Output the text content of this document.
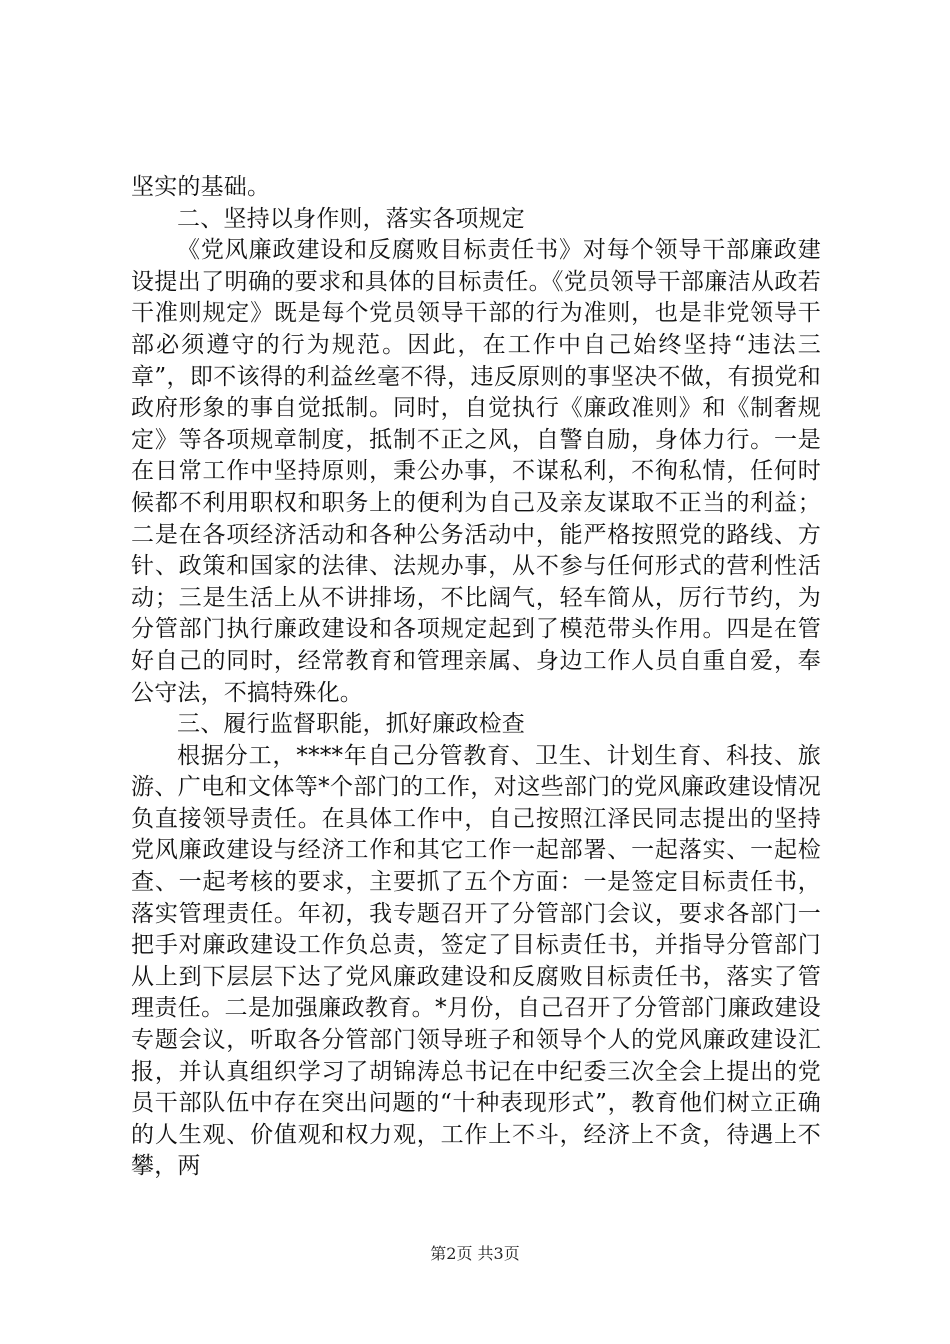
坚实的基础。

二、坚持以身作则，落实各项规定

《党风廉政建设和反腐败目标责任书》对每个领导干部廉政建设提出了明确的要求和具体的目标责任。《党员领导干部廉洁从政若干准则规定》既是每个党员领导干部的行为准则，也是非党领导干部必须遵守的行为规范。因此，在工作中自己始终坚持“违法三章”，即不该得的利益丝毫不得，违反原则的事坚决不做，有损党和政府形象的事自觉抵制。同时，自觉执行《廉政准则》和《制奢规定》等各项规章制度，抵制不正之风，自警自励，身体力行。一是在日常工作中坚持原则，秉公办事，不谋私利，不徇私情，任何时候都不利用职权和职务上的便利为自己及亲友谋取不正当的利益；二是在各项经济活动和各种公务活动中，能严格按照党的路线、方针、政策和国家的法律、法规办事，从不参与任何形式的营利性活动；三是生活上从不讲排场，不比阔气，轻车简从，厉行节约，为分管部门执行廉政建设和各项规定起到了模范带头作用。四是在管好自己的同时，经常教育和管理亲属、身边工作人员自重自爱，奉公守法，不搞特殊化。

三、履行监督职能，抓好廉政检查

根据分工，****年自己分管教育、卫生、计划生育、科技、旅游、广电和文体等*个部门的工作，对这些部门的党风廉政建设情况负直接领导责任。在具体工作中，自己按照江泽民同志提出的坚持党风廉政建设与经济工作和其它工作一起部署、一起落实、一起检查、一起考核的要求，主要抓了五个方面：一是签定目标责任书，落实管理责任。年初，我专题召开了分管部门会议，要求各部门一把手对廉政建设工作负总责，签定了目标责任书，并指导分管部门从上到下层层下达了党风廉政建设和反腐败目标责任书，落实了管理责任。二是加强廉政教育。*月份，自己召开了分管部门廉政建设专题会议，听取各分管部门领导班子和领导个人的党风廉政建设汇报，并认真组织学习了胡锦涛总书记在中纪委三次全会上提出的党员干部队伍中存在突出问题的“十种表现形式”，教育他们树立正确的人生观、价值观和权力观，工作上不斗，经济上不贪，待遇上不攀，两

第2页 共3页
